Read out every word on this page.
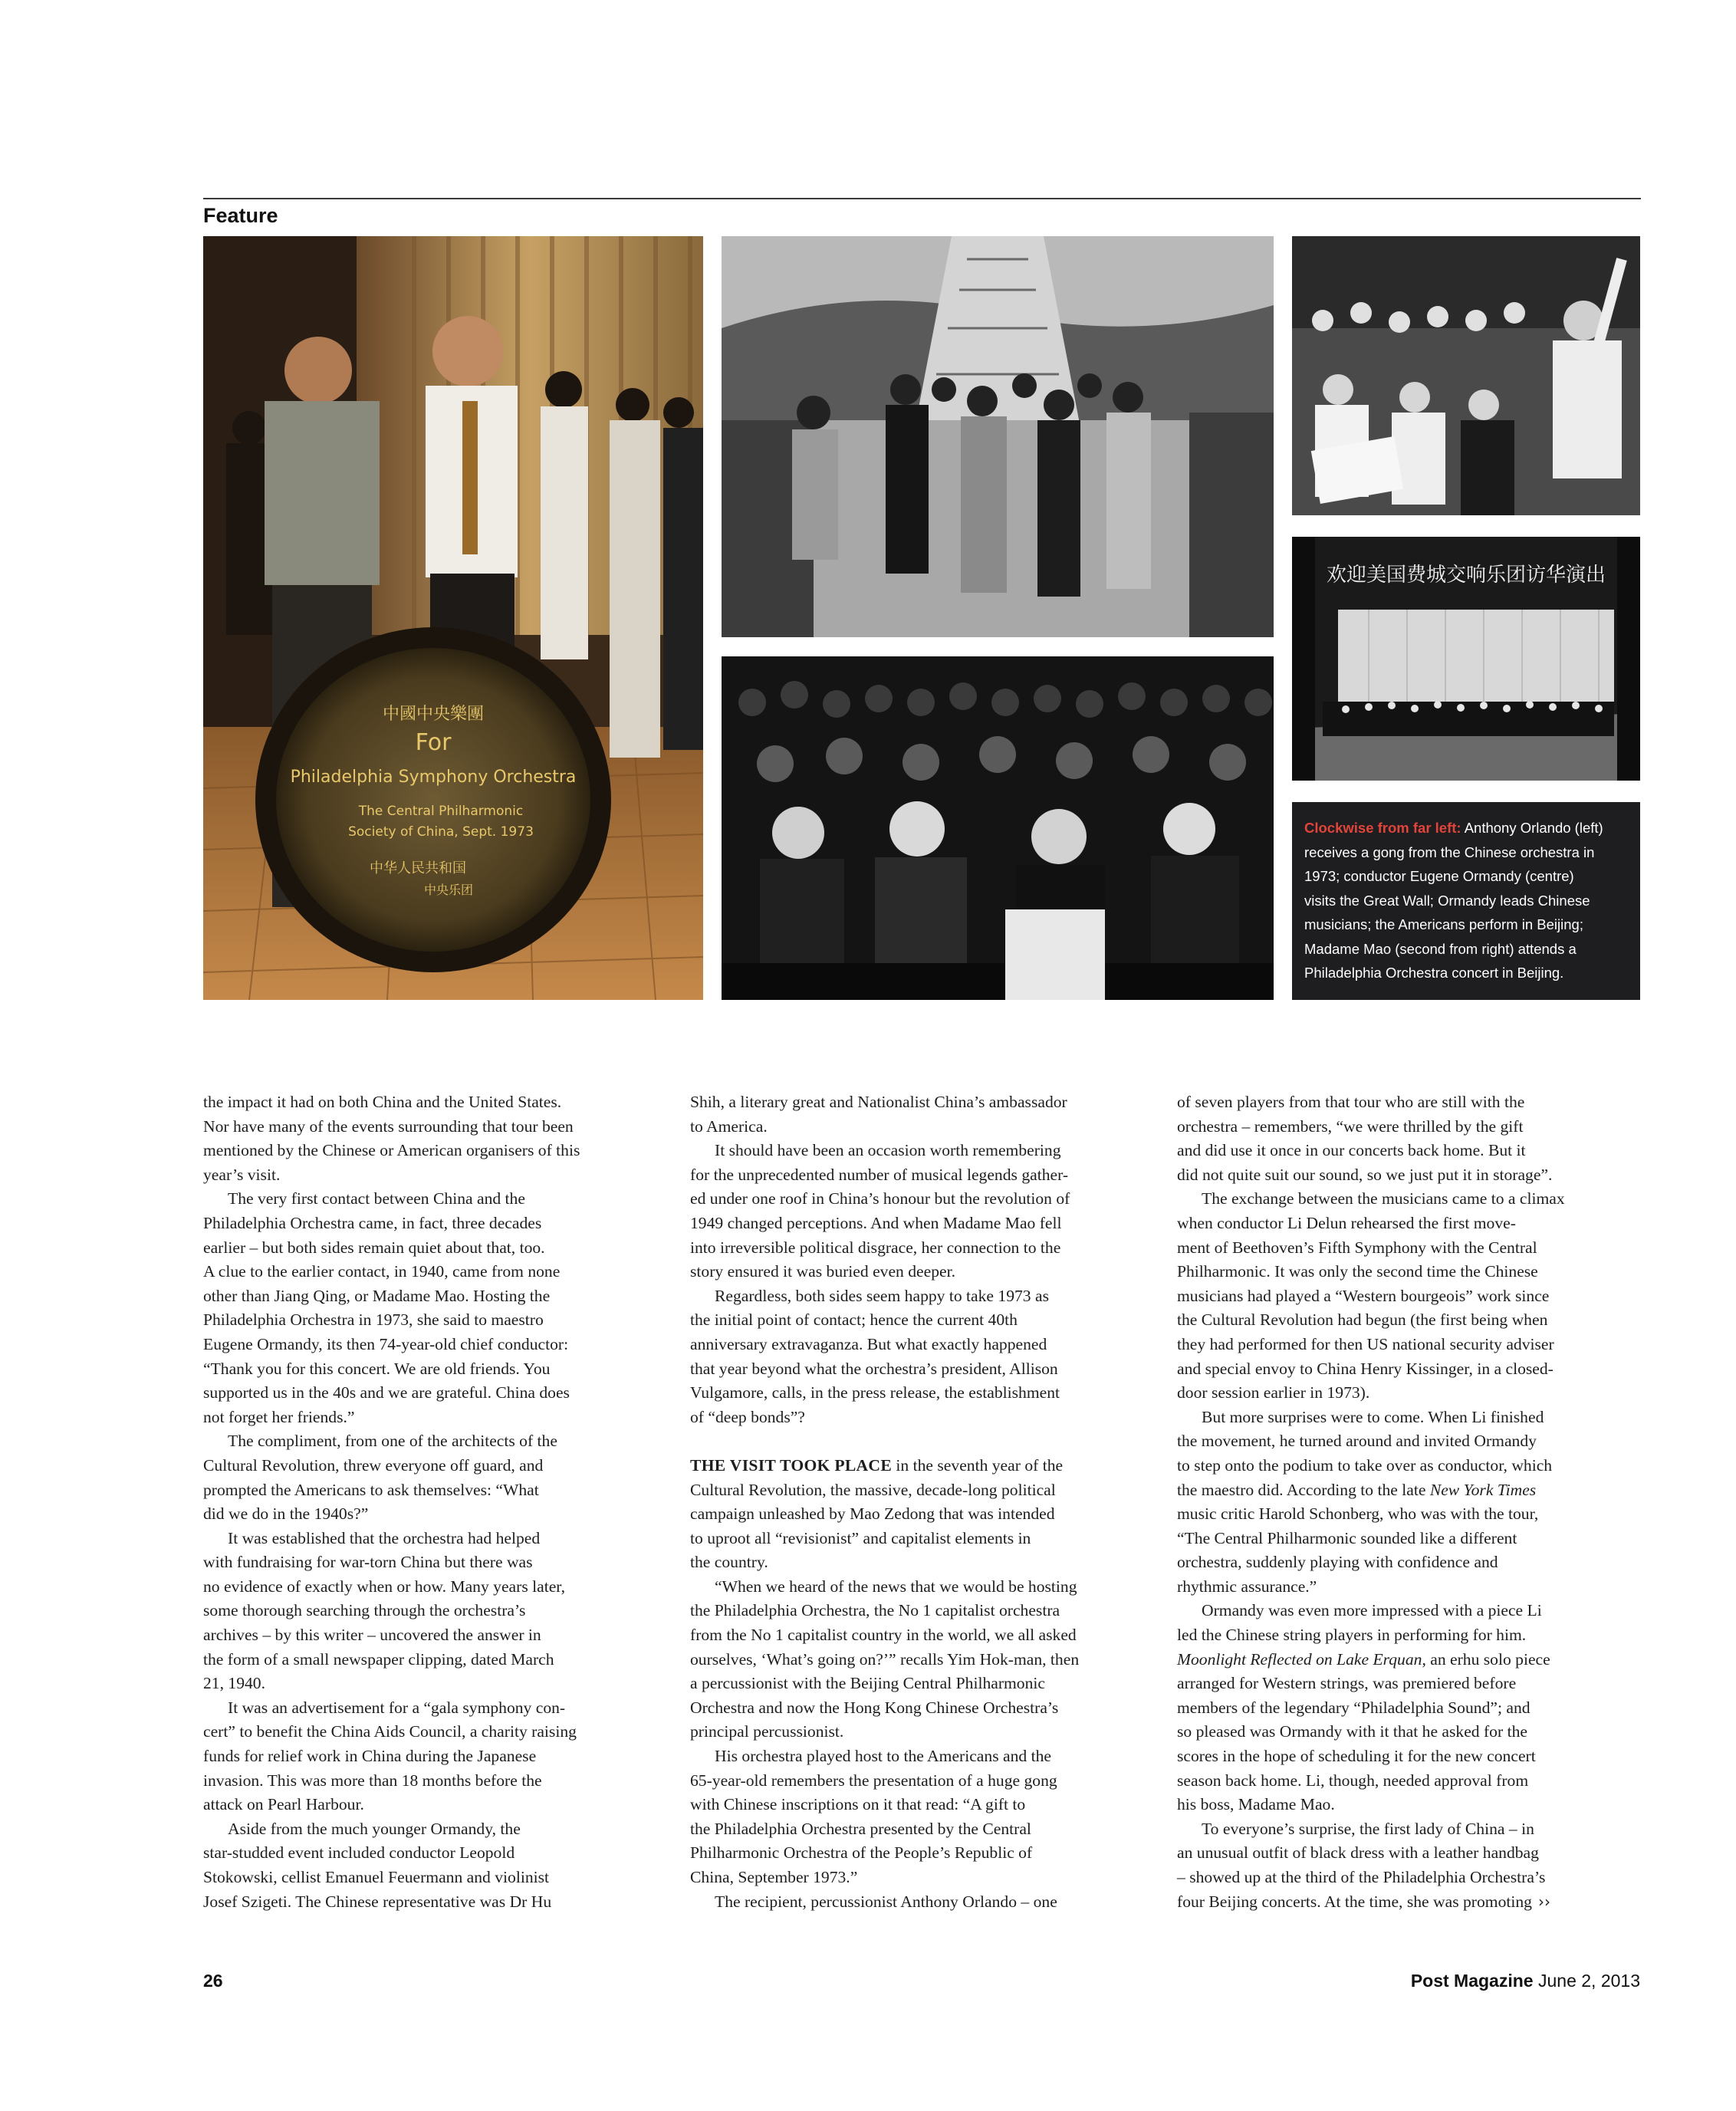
Feature
中國中央樂團
For
Philadelphia Symphony Orchestra
The Central Philharmonic
Society of China, Sept. 1973
中华人民共和国
中央乐团
欢迎美国费城交响乐团访华演出
Clockwise from far left: Anthony Orlando (left)
receives a gong from the Chinese orchestra in
1973; conductor Eugene Ormandy (centre)
visits the Great Wall; Ormandy leads Chinese
musicians; the Americans perform in Beijing;
Madame Mao (second from right) attends a
Philadelphia Orchestra concert in Beijing.
the impact it had on both China and the United States.
Nor have many of the events surrounding that tour been
mentioned by the Chinese or American organisers of this
year’s visit.
The very first contact between China and the
Philadelphia Orchestra came, in fact, three decades
earlier – but both sides remain quiet about that, too.
A clue to the earlier contact, in 1940, came from none
other than Jiang Qing, or Madame Mao. Hosting the
Philadelphia Orchestra in 1973, she said to maestro
Eugene Ormandy, its then 74-year-old chief conductor:
“Thank you for this concert. We are old friends. You
supported us in the 40s and we are grateful. China does
not forget her friends.”
The compliment, from one of the architects of the
Cultural Revolution, threw everyone off guard, and
prompted the Americans to ask themselves: “What
did we do in the 1940s?”
It was established that the orchestra had helped
with fundraising for war-torn China but there was
no evidence of exactly when or how. Many years later,
some thorough searching through the orchestra’s
archives – by this writer – uncovered the answer in
the form of a small newspaper clipping, dated March
21, 1940.
It was an advertisement for a “gala symphony con-
cert” to benefit the China Aids Council, a charity raising
funds for relief work in China during the Japanese
invasion. This was more than 18 months before the
attack on Pearl Harbour.
Aside from the much younger Ormandy, the
star-studded event included conductor Leopold
Stokowski, cellist Emanuel Feuermann and violinist
Josef Szigeti. The Chinese representative was Dr Hu
Shih, a literary great and Nationalist China’s ambassador
to America.
It should have been an occasion worth remembering
for the unprecedented number of musical legends gather-
ed under one roof in China’s honour but the revolution of
1949 changed perceptions. And when Madame Mao fell
into irreversible political disgrace, her connection to the
story ensured it was buried even deeper.
Regardless, both sides seem happy to take 1973 as
the initial point of contact; hence the current 40th
anniversary extravaganza. But what exactly happened
that year beyond what the orchestra’s president, Allison
Vulgamore, calls, in the press release, the establishment
of “deep bonds”?
THE VISIT TOOK PLACE in the seventh year of the
Cultural Revolution, the massive, decade-long political
campaign unleashed by Mao Zedong that was intended
to uproot all “revisionist” and capitalist elements in
the country.
“When we heard of the news that we would be hosting
the Philadelphia Orchestra, the No 1 capitalist orchestra
from the No 1 capitalist country in the world, we all asked
ourselves, ‘What’s going on?’” recalls Yim Hok-man, then
a percussionist with the Beijing Central Philharmonic
Orchestra and now the Hong Kong Chinese Orchestra’s
principal percussionist.
His orchestra played host to the Americans and the
65-year-old remembers the presentation of a huge gong
with Chinese inscriptions on it that read: “A gift to
the Philadelphia Orchestra presented by the Central
Philharmonic Orchestra of the People’s Republic of
China, September 1973.”
The recipient, percussionist Anthony Orlando – one
of seven players from that tour who are still with the
orchestra – remembers, “we were thrilled by the gift
and did use it once in our concerts back home. But it
did not quite suit our sound, so we just put it in storage”.
The exchange between the musicians came to a climax
when conductor Li Delun rehearsed the first move-
ment of Beethoven’s Fifth Symphony with the Central
Philharmonic. It was only the second time the Chinese
musicians had played a “Western bourgeois” work since
the Cultural Revolution had begun (the first being when
they had performed for then US national security adviser
and special envoy to China Henry Kissinger, in a closed-
door session earlier in 1973).
But more surprises were to come. When Li finished
the movement, he turned around and invited Ormandy
to step onto the podium to take over as conductor, which
the maestro did. According to the late New York Times
music critic Harold Schonberg, who was with the tour,
“The Central Philharmonic sounded like a different
orchestra, suddenly playing with confidence and
rhythmic assurance.”
Ormandy was even more impressed with a piece Li
led the Chinese string players in performing for him.
Moonlight Reflected on Lake Erquan, an erhu solo piece
arranged for Western strings, was premiered before
members of the legendary “Philadelphia Sound”; and
so pleased was Ormandy with it that he asked for the
scores in the hope of scheduling it for the new concert
season back home. Li, though, needed approval from
his boss, Madame Mao.
To everyone’s surprise, the first lady of China – in
an unusual outfit of black dress with a leather handbag
– showed up at the third of the Philadelphia Orchestra’s
four Beijing concerts. At the time, she was promoting ››
26	Post Magazine June 2, 2013
